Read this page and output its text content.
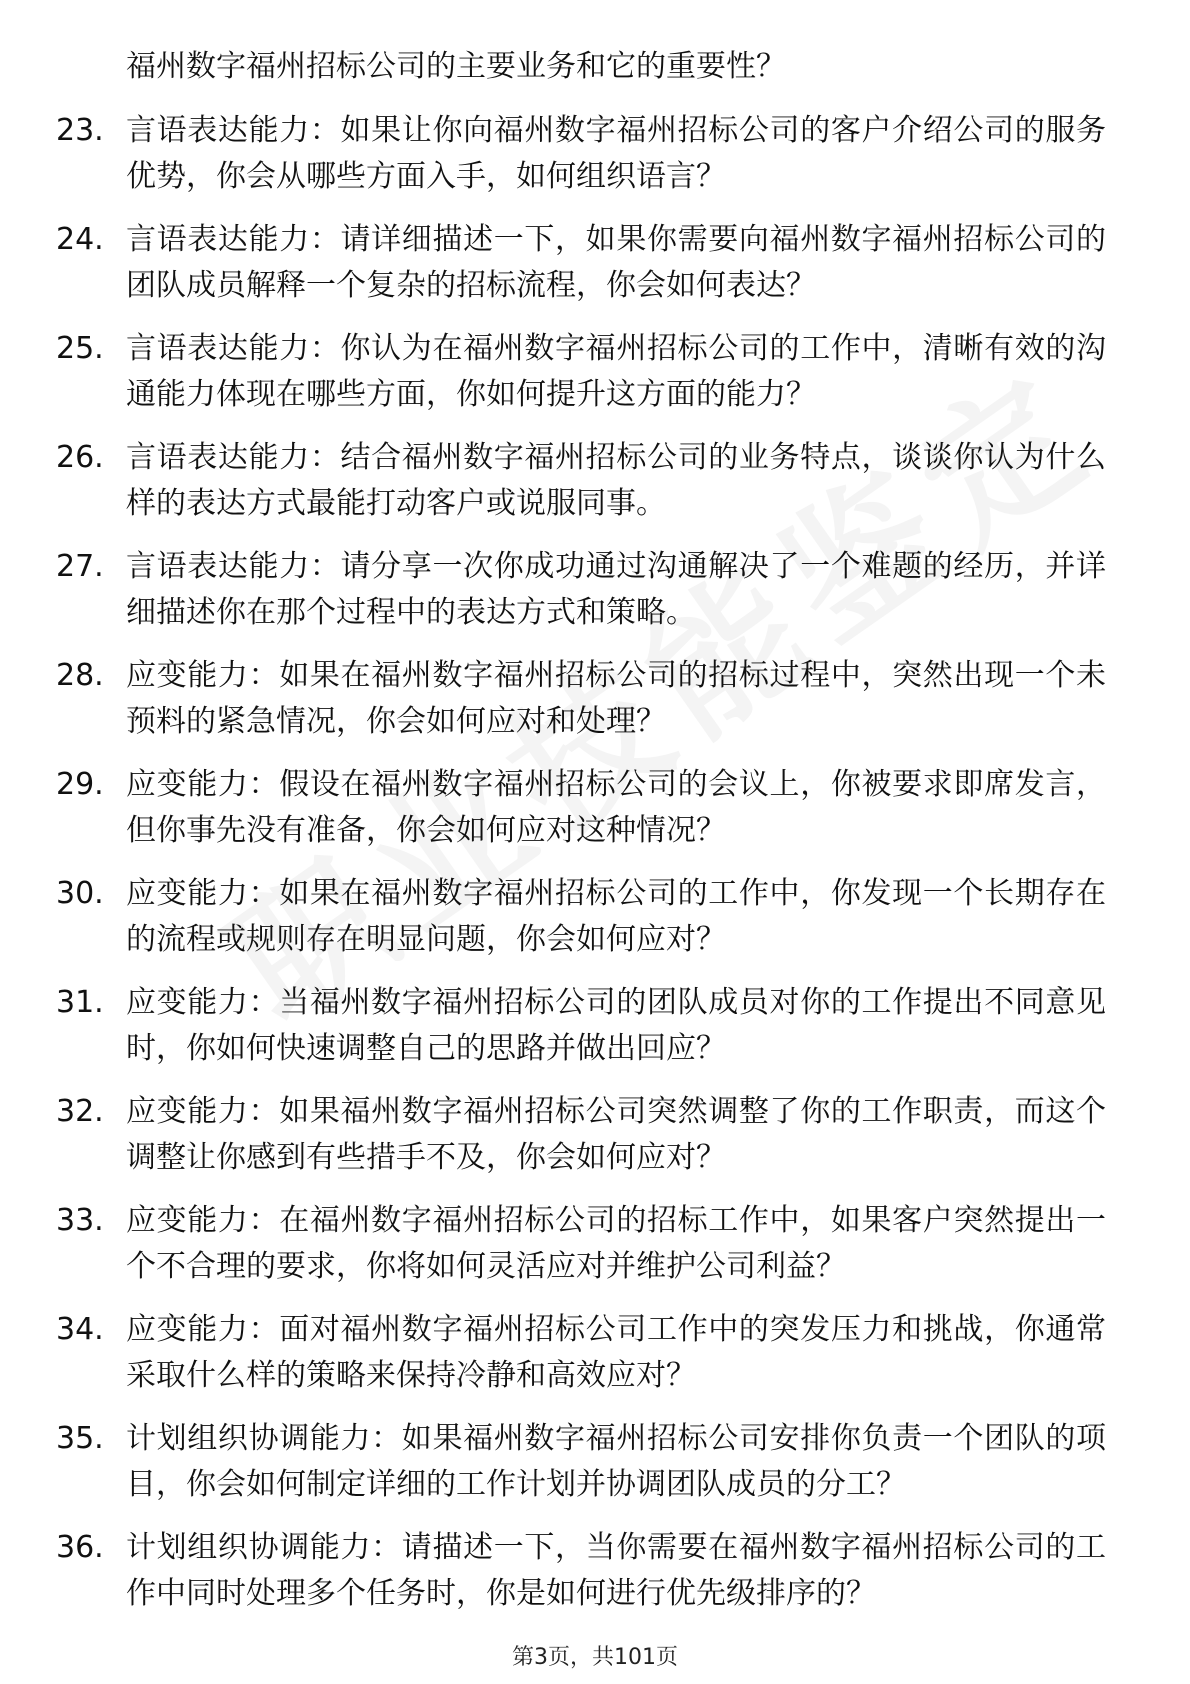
福州数字福州招标公司的主要业务和它的重要性？
23. 言语表达能力：如果让你向福州数字福州招标公司的客户介绍公司的服务优势，你会从哪些方面入手，如何组织语言？
24. 言语表达能力：请详细描述一下，如果你需要向福州数字福州招标公司的团队成员解释一个复杂的招标流程，你会如何表达？
25. 言语表达能力：你认为在福州数字福州招标公司的工作中，清晰有效的沟通能力体现在哪些方面，你如何提升这方面的能力？
26. 言语表达能力：结合福州数字福州招标公司的业务特点，谈谈你认为什么样的表达方式最能打动客户或说服同事。
27. 言语表达能力：请分享一次你成功通过沟通解决了一个难题的经历，并详细描述你在那个过程中的表达方式和策略。
28. 应变能力：如果在福州数字福州招标公司的招标过程中，突然出现一个未预料的紧急情况，你会如何应对和处理？
29. 应变能力：假设在福州数字福州招标公司的会议上，你被要求即席发言，但你事先没有准备，你会如何应对这种情况？
30. 应变能力：如果在福州数字福州招标公司的工作中，你发现一个长期存在的流程或规则存在明显问题，你会如何应对？
31. 应变能力：当福州数字福州招标公司的团队成员对你的工作提出不同意见时，你如何快速调整自己的思路并做出回应？
32. 应变能力：如果福州数字福州招标公司突然调整了你的工作职责，而这个调整让你感到有些措手不及，你会如何应对？
33. 应变能力：在福州数字福州招标公司的招标工作中，如果客户突然提出一个不合理的要求，你将如何灵活应对并维护公司利益？
34. 应变能力：面对福州数字福州招标公司工作中的突发压力和挑战，你通常采取什么样的策略来保持冷静和高效应对？
35. 计划组织协调能力：如果福州数字福州招标公司安排你负责一个团队的项目，你会如何制定详细的工作计划并协调团队成员的分工？
36. 计划组织协调能力：请描述一下，当你需要在福州数字福州招标公司的工作中同时处理多个任务时，你是如何进行优先级排序的？
第3页，共101页
